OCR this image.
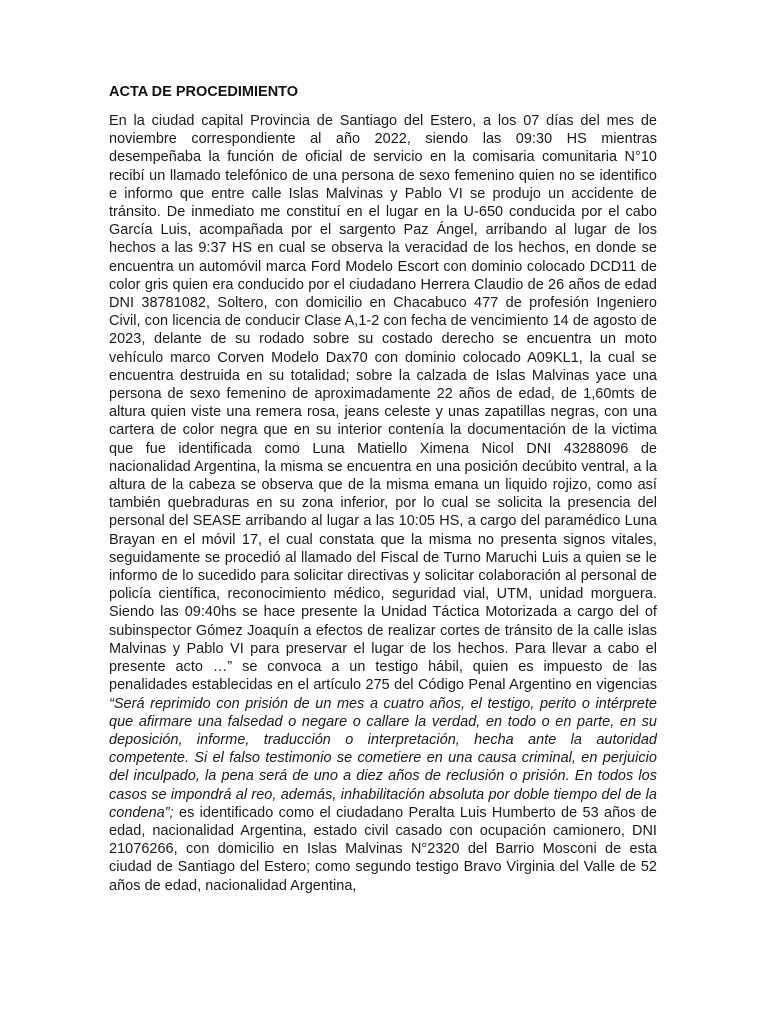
ACTA DE PROCEDIMIENTO

En la ciudad capital Provincia de Santiago del Estero, a los 07 días del mes de noviembre correspondiente al año 2022, siendo las 09:30 HS mientras desempeñaba la función de oficial de servicio en la comisaria comunitaria N°10 recibí un llamado telefónico de una persona de sexo femenino quien no se identifico e informo que entre calle Islas Malvinas y Pablo VI se produjo un accidente de tránsito. De inmediato me constituí en el lugar en la U-650 conducida por el cabo García Luis, acompañada por el sargento Paz Ángel, arribando al lugar de los hechos a las 9:37 HS en cual se observa la veracidad de los hechos, en donde se encuentra un automóvil marca Ford Modelo Escort con dominio colocado DCD11 de color gris quien era conducido por el ciudadano Herrera Claudio de 26 años de edad DNI 38781082, Soltero, con domicilio en Chacabuco 477 de profesión Ingeniero Civil, con licencia de conducir Clase A,1-2 con fecha de vencimiento 14 de agosto de 2023, delante de su rodado sobre su costado derecho se encuentra un moto vehículo marco Corven Modelo Dax70 con dominio colocado A09KL1, la cual se encuentra destruida en su totalidad; sobre la calzada de Islas Malvinas yace una persona de sexo femenino de aproximadamente 22 años de edad, de 1,60mts de altura quien viste una remera rosa, jeans celeste y unas zapatillas negras, con una cartera de color negra que en su interior contenía la documentación de la victima que fue identificada como Luna Matiello Ximena Nicol DNI 43288096 de nacionalidad Argentina, la misma se encuentra en una posición decúbito ventral, a la altura de la cabeza se observa que de la misma emana un liquido rojizo, como así también quebraduras en su zona inferior, por lo cual se solicita la presencia del personal del SEASE arribando al lugar a las 10:05 HS, a cargo del paramédico Luna Brayan en el móvil 17, el cual constata que la misma no presenta signos vitales, seguidamente se procedió al llamado del Fiscal de Turno Maruchi Luis a quien se le informo de lo sucedido para solicitar directivas y solicitar colaboración al personal de policía científica, reconocimiento médico, seguridad vial, UTM, unidad morguera. Siendo las 09:40hs se hace presente la Unidad Táctica Motorizada a cargo del of subinspector Gómez Joaquín a efectos de realizar cortes de tránsito de la calle islas Malvinas y Pablo VI para preservar el lugar de los hechos. Para llevar a cabo el presente acto …” se convoca a un testigo hábil, quien es impuesto de las penalidades establecidas en el artículo 275 del Código Penal Argentino en vigencias “Será reprimido con prisión de un mes a cuatro años, el testigo, perito o intérprete que afirmare una falsedad o negare o callare la verdad, en todo o en parte, en su deposición, informe, traducción o interpretación, hecha ante la autoridad competente. Si el falso testimonio se cometiere en una causa criminal, en perjuicio del inculpado, la pena será de uno a diez años de reclusión o prisión. En todos los casos se impondrá al reo, además, inhabilitación absoluta por doble tiempo del de la condena”; es identificado como el ciudadano Peralta Luis Humberto de 53 años de edad, nacionalidad Argentina, estado civil casado con ocupación camionero, DNI 21076266, con domicilio en Islas Malvinas N°2320 del Barrio Mosconi de esta ciudad de Santiago del Estero; como segundo testigo Bravo Virginia del Valle de 52 años de edad, nacionalidad Argentina,
